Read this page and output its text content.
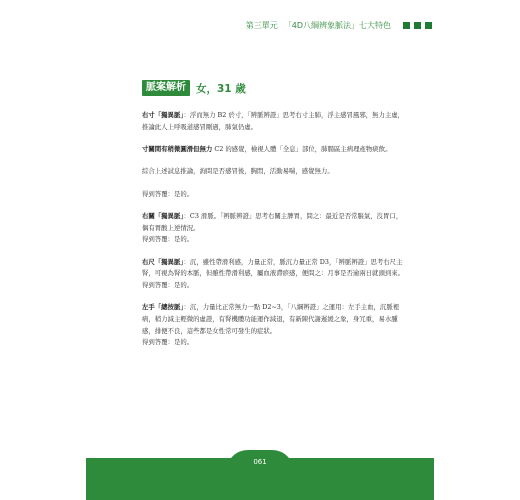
第三單元 「4D八綱辨象脈法」七大特色
脈案解析 女，31 歲

右寸「獨異脈」：浮而無力 B2 於寸，「辨脈辨證」思考右寸主肺，浮主感冒風邪，無力主虛，推論此人上呼吸道感冒剛過，肺氣仍虛。

寸關間有稍微圓滑但無力 C2 的感覺，檢視人體「全息」部位，肺腸區主病理產物痰飲。

綜合上述試息推論，詢問是否感冒後，胸悶，活動易喘，感覺無力。

得到答覆：是的。

右關「獨異脈」：C3 滑脈。「辨脈辨證」思考右關主脾胃，問之：最近是否常脹氣，沒胃口，偶有胃酸上逆情況。

得到答覆：是的。

右尺「獨異脈」：沉，雖性帶滑利感，力量正常，脈沉力量正常 D3，「辨脈辨證」思考右尺主腎，可視為腎的本脈，但雖性帶滑利感，屬血液滯瘀感，便問之：月事是否逾兩日就頭到來。

得到答覆：是的。

左手「總按脈」：沉，力量比正常無力一點 D2~3，「八綱辨證」之運用：左手主血，沉脈裡病，稍力減主輕微的虛證，有腎機體功能運作減退，有新陳代謝遲緩之象，身冗重，易水腫感，排便不良，這些都是女性常可發生的症狀。

得到答覆：是的。

061
